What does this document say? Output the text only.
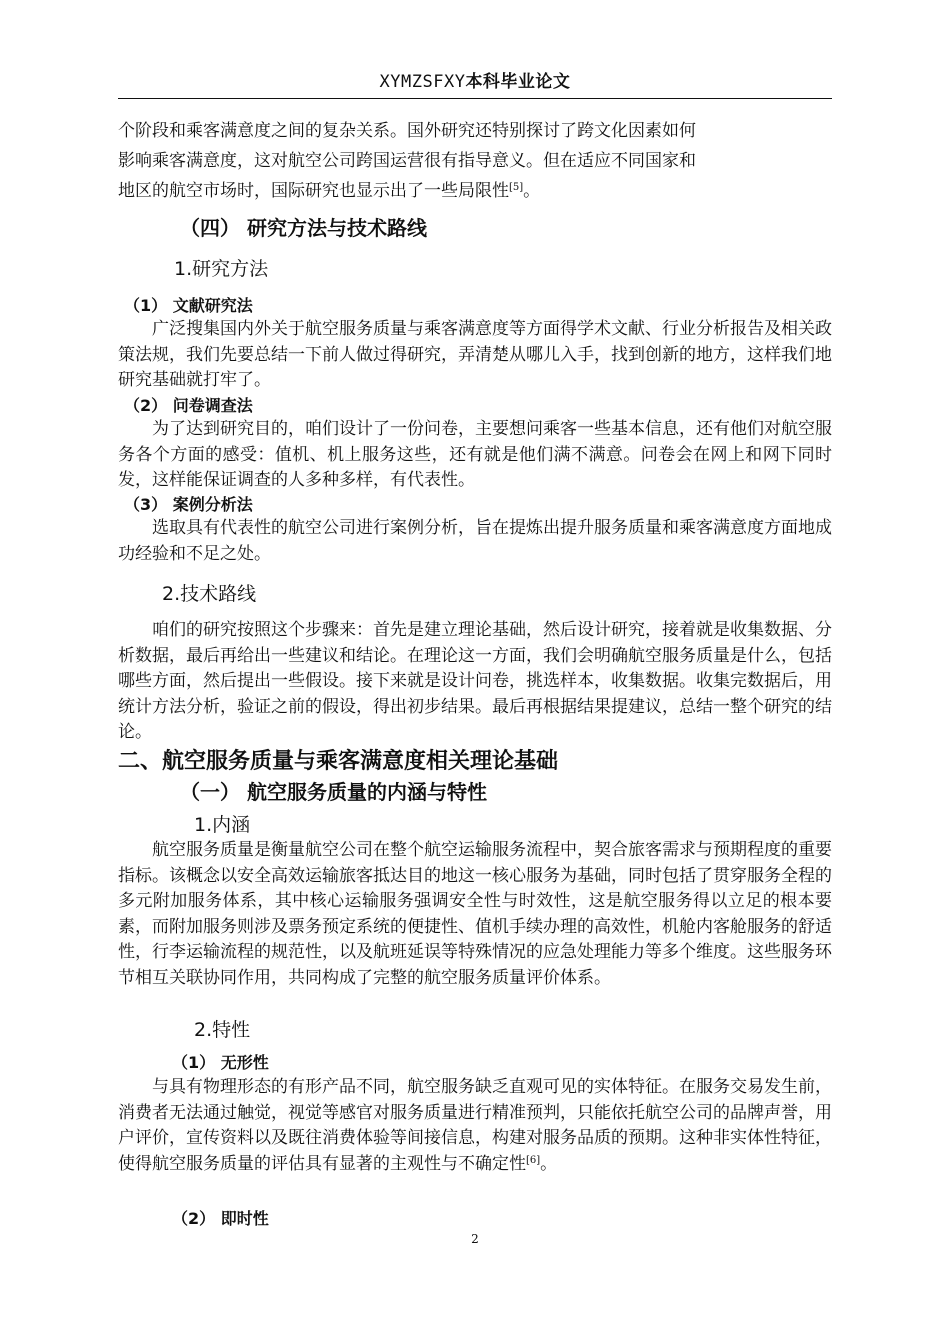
XYMZSFXY本科毕业论文
个阶段和乘客满意度之间的复杂关系。国外研究还特别探讨了跨文化因素如何
影响乘客满意度，这对航空公司跨国运营很有指导意义。但在适应不同国家和
地区的航空市场时，国际研究也显示出了一些局限性[5]。
（四） 研究方法与技术路线
1.研究方法
（1） 文献研究法

广泛搜集国内外关于航空服务质量与乘客满意度等方面得学术文献、行业分析报告及相关政策法规，我们先要总结一下前人做过得研究，弄清楚从哪儿入手，找到创新的地方，这样我们地研究基础就打牢了。

（2） 问卷调查法

为了达到研究目的，咱们设计了一份问卷，主要想问乘客一些基本信息，还有他们对航空服务各个方面的感受：值机、机上服务这些，还有就是他们满不满意。问卷会在网上和网下同时发，这样能保证调查的人多种多样，有代表性。

（3） 案例分析法

选取具有代表性的航空公司进行案例分析，旨在提炼出提升服务质量和乘客满意度方面地成功经验和不足之处。

2.技术路线

咱们的研究按照这个步骤来：首先是建立理论基础，然后设计研究，接着就是收集数据、分析数据，最后再给出一些建议和结论。在理论这一方面，我们会明确航空服务质量是什么，包括哪些方面，然后提出一些假设。接下来就是设计问卷，挑选样本，收集数据。收集完数据后，用统计方法分析，验证之前的假设，得出初步结果。最后再根据结果提建议，总结一整个研究的结论。

二、航空服务质量与乘客满意度相关理论基础
（一） 航空服务质量的内涵与特性
1.内涵

航空服务质量是衡量航空公司在整个航空运输服务流程中，契合旅客需求与预期程度的重要指标。该概念以安全高效运输旅客抵达目的地这一核心服务为基础，同时包括了贯穿服务全程的多元附加服务体系，其中核心运输服务强调安全性与时效性，这是航空服务得以立足的根本要素，而附加服务则涉及票务预定系统的便捷性、值机手续办理的高效性，机舱内客舱服务的舒适性，行李运输流程的规范性，以及航班延误等特殊情况的应急处理能力等多个维度。这些服务环节相互关联协同作用，共同构成了完整的航空服务质量评价体系。

2.特性
（1） 无形性

与具有物理形态的有形产品不同，航空服务缺乏直观可见的实体特征。在服务交易发生前，消费者无法通过触觉，视觉等感官对服务质量进行精准预判，只能依托航空公司的品牌声誉，用户评价，宣传资料以及既往消费体验等间接信息，构建对服务品质的预期。这种非实体性特征，使得航空服务质量的评估具有显著的主观性与不确定性[6]。

（2） 即时性
2
